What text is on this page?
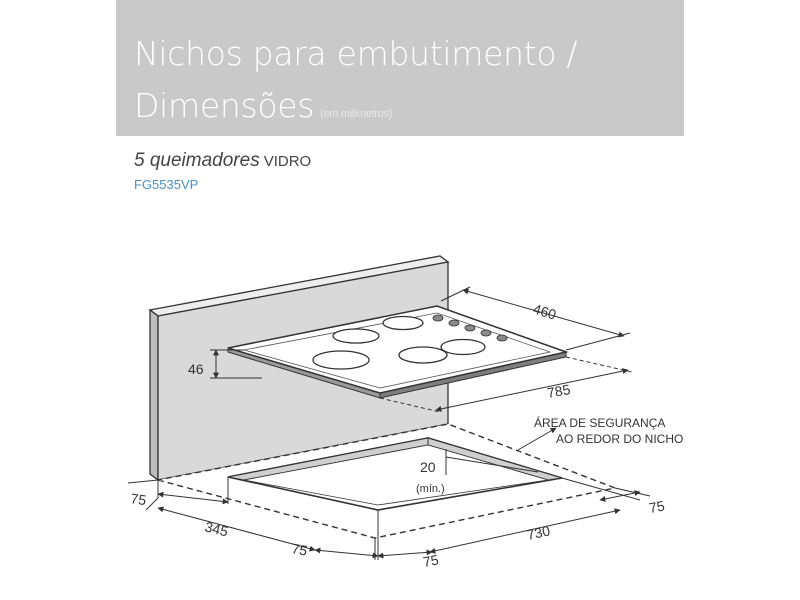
Nichos para embutimento /
Dimensões (em milímetros)

5 queimadores VIDRO

FG5535VP
460
785
46
20
(mín.)
ÁREA DE SEGURANÇA
AO REDOR DO NICHO
75
345
75
75
730
75
